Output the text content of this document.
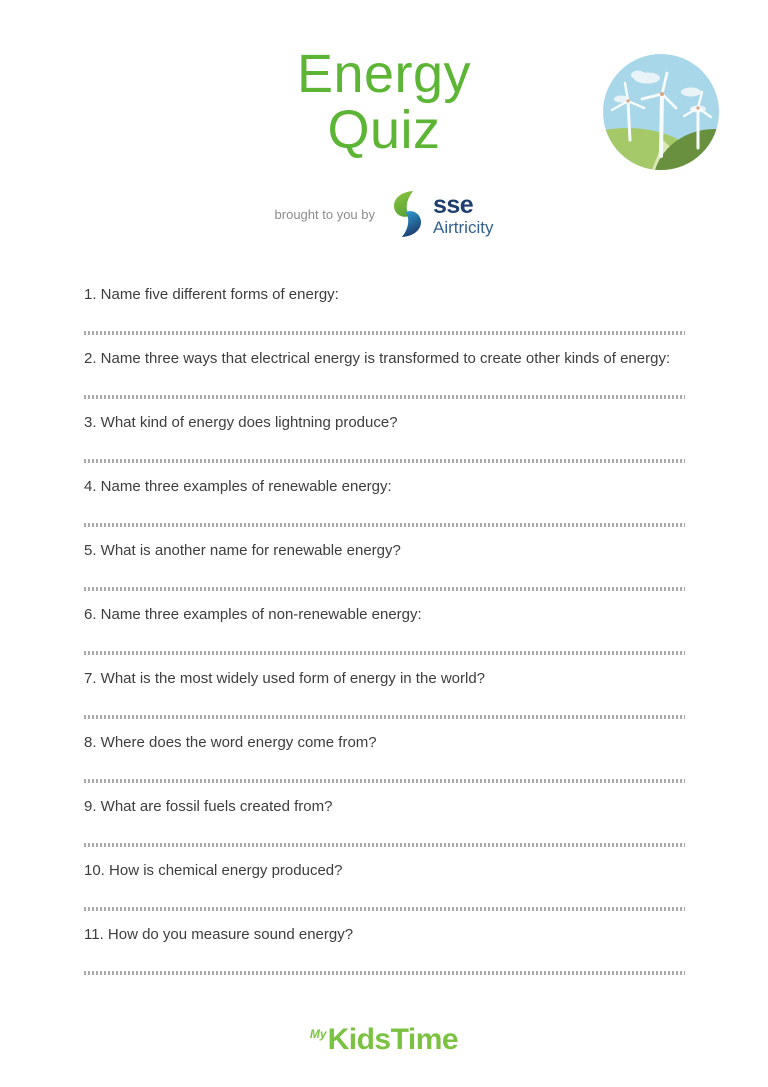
Energy
Quiz
brought to you by sse
Airtricity

1. Name five different forms of energy:

2. Name three ways that electrical energy is transformed to create other kinds of energy:

3. What kind of energy does lightning produce?

4. Name three examples of renewable energy:

5. What is another name for renewable energy?

6. Name three examples of non-renewable energy:

7. What is the most widely used form of energy in the world?

8. Where does the word energy come from?

9. What are fossil fuels created from?

10. How is chemical energy produced?

11. How do you measure sound energy?

My KidsTime
